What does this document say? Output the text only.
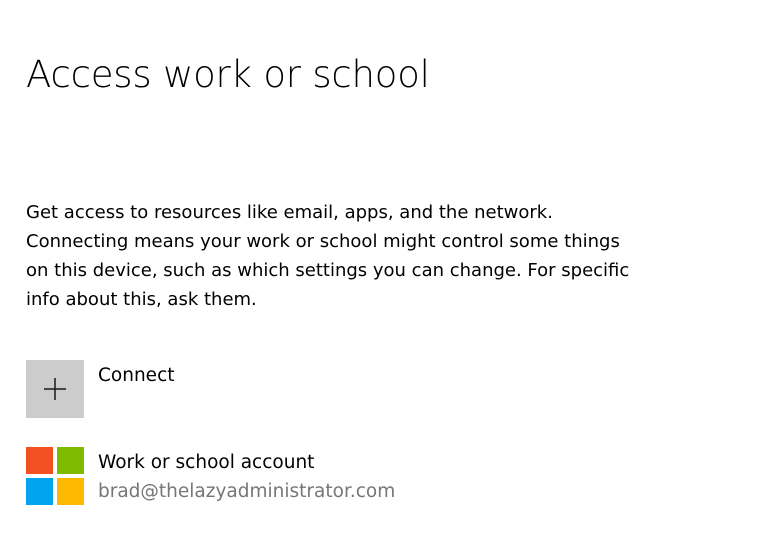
Access work or school
Get access to resources like email, apps, and the network.
Connecting means your work or school might control some things
on this device, such as which settings you can change. For specific
info about this, ask them.
Connect
Work or school account
brad@thelazyadministrator.com
